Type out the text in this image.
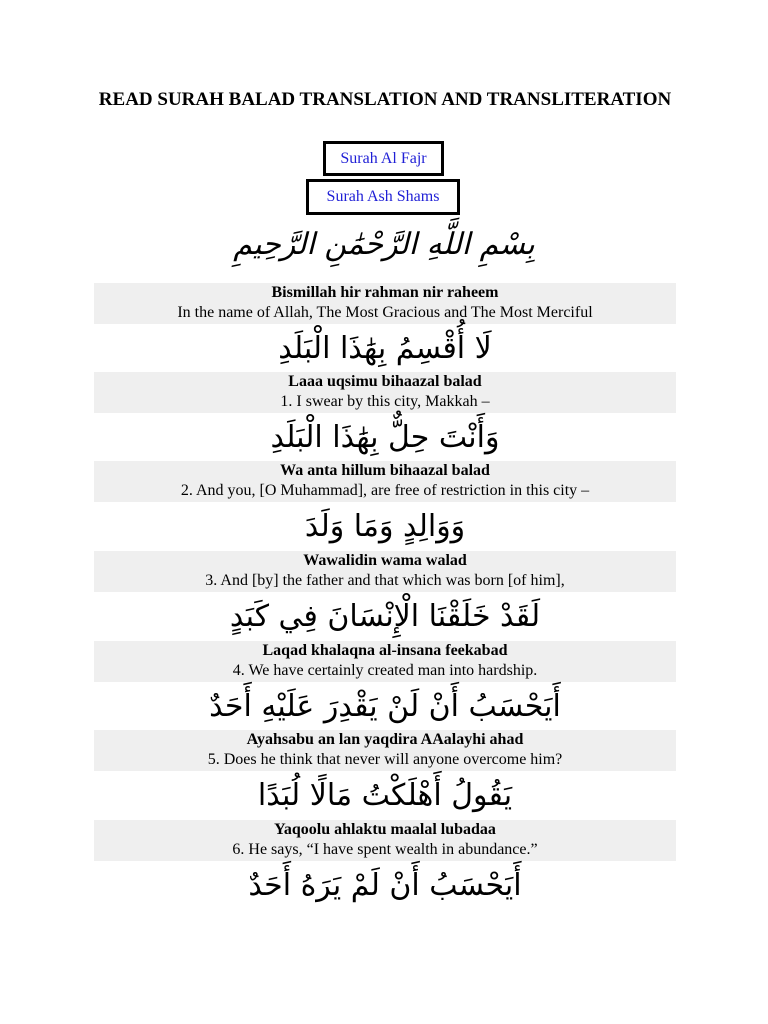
READ SURAH BALAD TRANSLATION AND TRANSLITERATION
Surah Al Fajr
Surah Ash Shams
بِسْمِ اللَّهِ الرَّحْمَٰنِ الرَّحِيمِ
Bismillah hir rahman nir raheem
In the name of Allah, The Most Gracious and The Most Merciful
لَا أُقْسِمُ بِهَٰذَا الْبَلَدِ
Laaa uqsimu bihaazal balad
1. I swear by this city, Makkah –
وَأَنْتَ حِلٌّ بِهَٰذَا الْبَلَدِ
Wa anta hillum bihaazal balad
2. And you, [O Muhammad], are free of restriction in this city –
وَوَالِدٍ وَمَا وَلَدَ
Wawalidin wama walad
3. And [by] the father and that which was born [of him],
لَقَدْ خَلَقْنَا الْإِنْسَانَ فِي كَبَدٍ
Laqad khalaqna al-insana feekabad
4. We have certainly created man into hardship.
أَيَحْسَبُ أَنْ لَنْ يَقْدِرَ عَلَيْهِ أَحَدٌ
Ayahsabu an lan yaqdira AAalayhi ahad
5. Does he think that never will anyone overcome him?
يَقُولُ أَهْلَكْتُ مَالًا لُبَدًا
Yaqoolu ahlaktu maalal lubadaa
6. He says, “I have spent wealth in abundance.”
أَيَحْسَبُ أَنْ لَمْ يَرَهُ أَحَدٌ
